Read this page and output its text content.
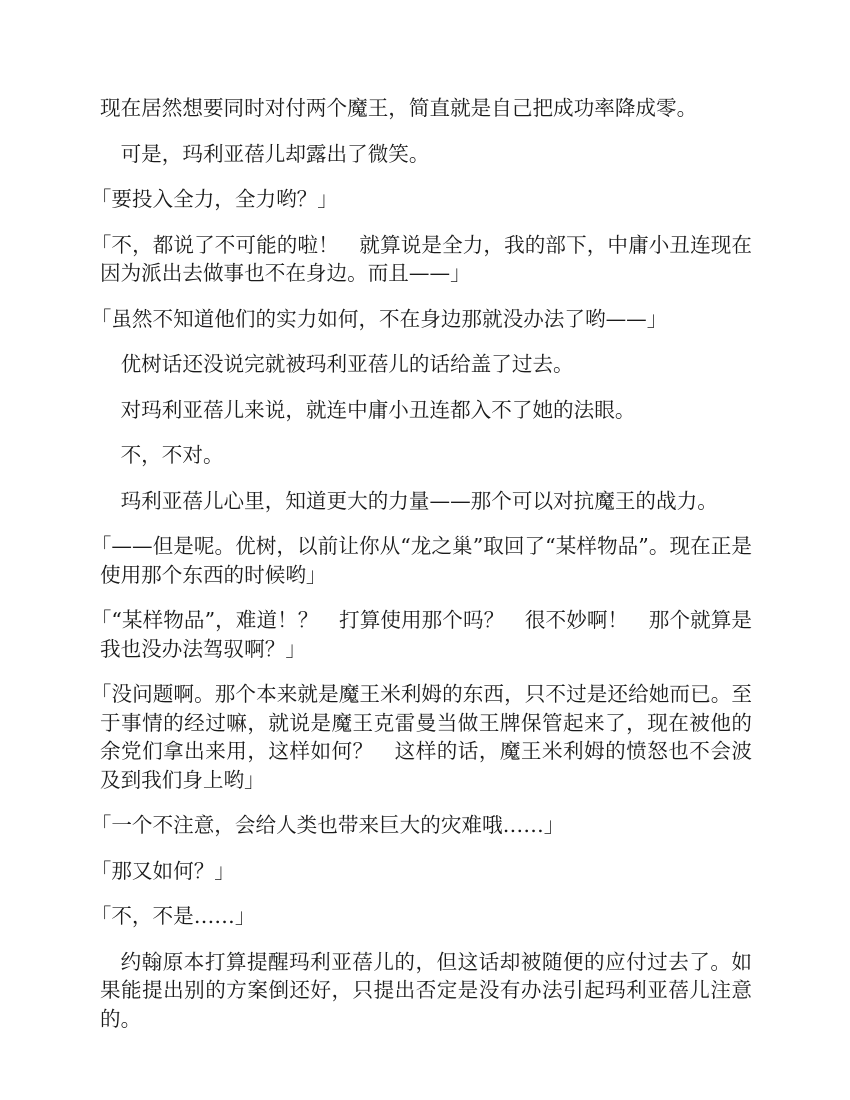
现在居然想要同时对付两个魔王，简直就是自己把成功率降成零。

可是，玛利亚蓓儿却露出了微笑。

「要投入全力，全力哟？」

「不，都说了不可能的啦！　就算说是全力，我的部下，中庸小丑连现在因为派出去做事也不在身边。而且——」

「虽然不知道他们的实力如何，不在身边那就没办法了哟——」

优树话还没说完就被玛利亚蓓儿的话给盖了过去。

对玛利亚蓓儿来说，就连中庸小丑连都入不了她的法眼。

不，不对。

玛利亚蓓儿心里，知道更大的力量——那个可以对抗魔王的战力。

「——但是呢。优树，以前让你从“龙之巢”取回了“某样物品”。现在正是使用那个东西的时候哟」

「“某样物品”，难道！？　打算使用那个吗？　很不妙啊！　那个就算是我也没办法驾驭啊？」

「没问题啊。那个本来就是魔王米利姆的东西，只不过是还给她而已。至于事情的经过嘛，就说是魔王克雷曼当做王牌保管起来了，现在被他的余党们拿出来用，这样如何？　这样的话，魔王米利姆的愤怒也不会波及到我们身上哟」

「一个不注意，会给人类也带来巨大的灾难哦……」

「那又如何？」

「不，不是……」

约翰原本打算提醒玛利亚蓓儿的，但这话却被随便的应付过去了。如果能提出别的方案倒还好，只提出否定是没有办法引起玛利亚蓓儿注意的。
